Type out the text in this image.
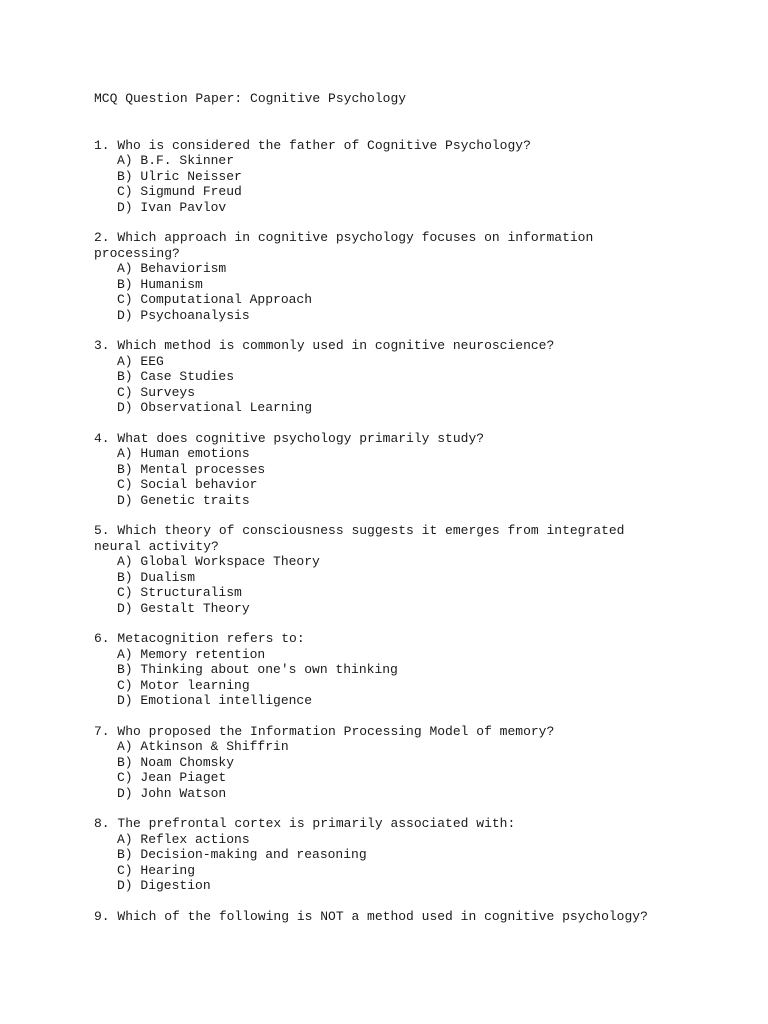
MCQ Question Paper: Cognitive Psychology
1. Who is considered the father of Cognitive Psychology?
A) B.F. Skinner
B) Ulric Neisser
C) Sigmund Freud
D) Ivan Pavlov
2. Which approach in cognitive psychology focuses on information
processing?
A) Behaviorism
B) Humanism
C) Computational Approach
D) Psychoanalysis
3. Which method is commonly used in cognitive neuroscience?
A) EEG
B) Case Studies
C) Surveys
D) Observational Learning
4. What does cognitive psychology primarily study?
A) Human emotions
B) Mental processes
C) Social behavior
D) Genetic traits
5. Which theory of consciousness suggests it emerges from integrated
neural activity?
A) Global Workspace Theory
B) Dualism
C) Structuralism
D) Gestalt Theory
6. Metacognition refers to:
A) Memory retention
B) Thinking about one's own thinking
C) Motor learning
D) Emotional intelligence
7. Who proposed the Information Processing Model of memory?
A) Atkinson & Shiffrin
B) Noam Chomsky
C) Jean Piaget
D) John Watson
8. The prefrontal cortex is primarily associated with:
A) Reflex actions
B) Decision-making and reasoning
C) Hearing
D) Digestion
9. Which of the following is NOT a method used in cognitive psychology?
